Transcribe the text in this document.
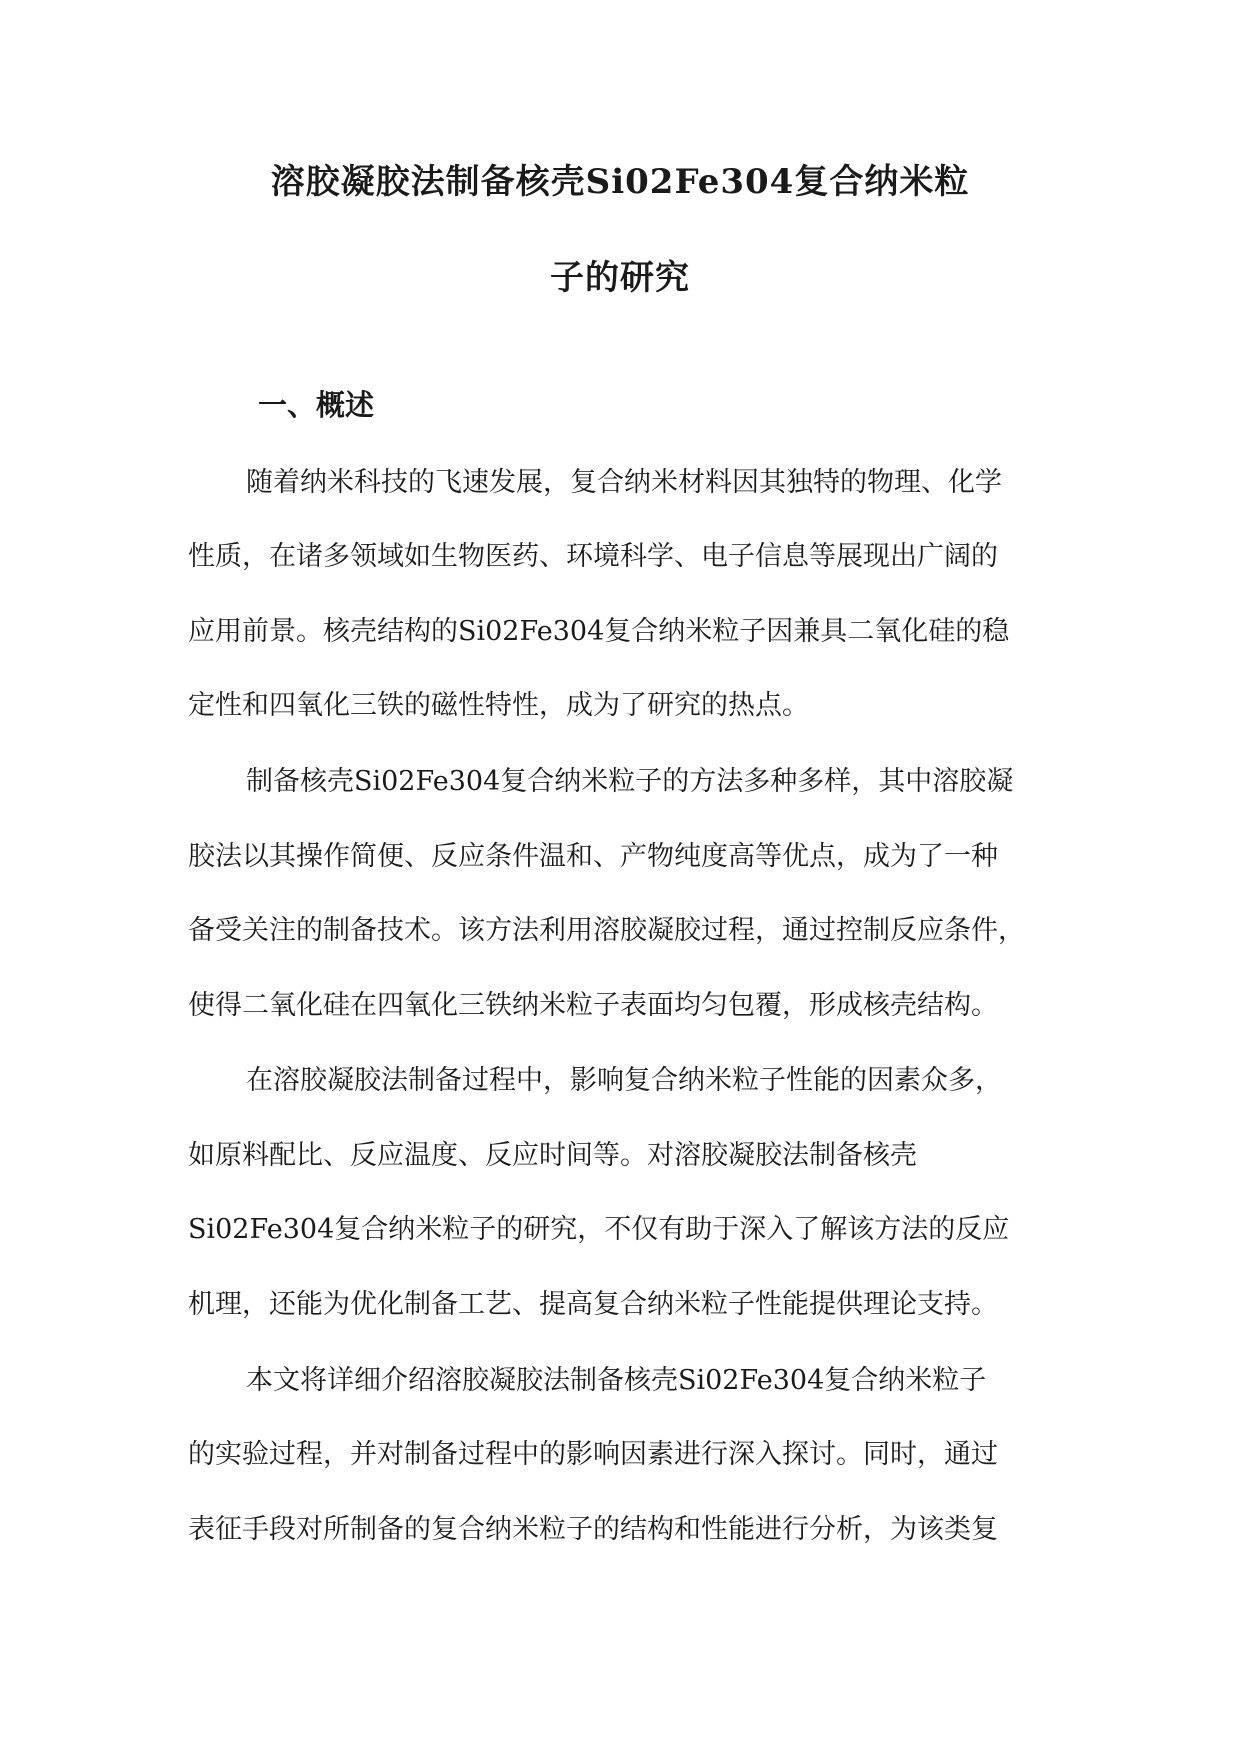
溶胶凝胶法制备核壳Si02Fe304复合纳米粒
子的研究
一、概述

随着纳米科技的飞速发展，复合纳米材料因其独特的物理、化学

性质，在诸多领域如生物医药、环境科学、电子信息等展现出广阔的

应用前景。核壳结构的Si02Fe304复合纳米粒子因兼具二氧化硅的稳

定性和四氧化三铁的磁性特性，成为了研究的热点。

制备核壳Si02Fe304复合纳米粒子的方法多种多样，其中溶胶凝

胶法以其操作简便、反应条件温和、产物纯度高等优点，成为了一种

备受关注的制备技术。该方法利用溶胶凝胶过程，通过控制反应条件，

使得二氧化硅在四氧化三铁纳米粒子表面均匀包覆，形成核壳结构。

在溶胶凝胶法制备过程中，影响复合纳米粒子性能的因素众多，

如原料配比、反应温度、反应时间等。对溶胶凝胶法制备核壳

Si02Fe304复合纳米粒子的研究，不仅有助于深入了解该方法的反应

机理，还能为优化制备工艺、提高复合纳米粒子性能提供理论支持。

本文将详细介绍溶胶凝胶法制备核壳Si02Fe304复合纳米粒子

的实验过程，并对制备过程中的影响因素进行深入探讨。同时，通过

表征手段对所制备的复合纳米粒子的结构和性能进行分析，为该类复
